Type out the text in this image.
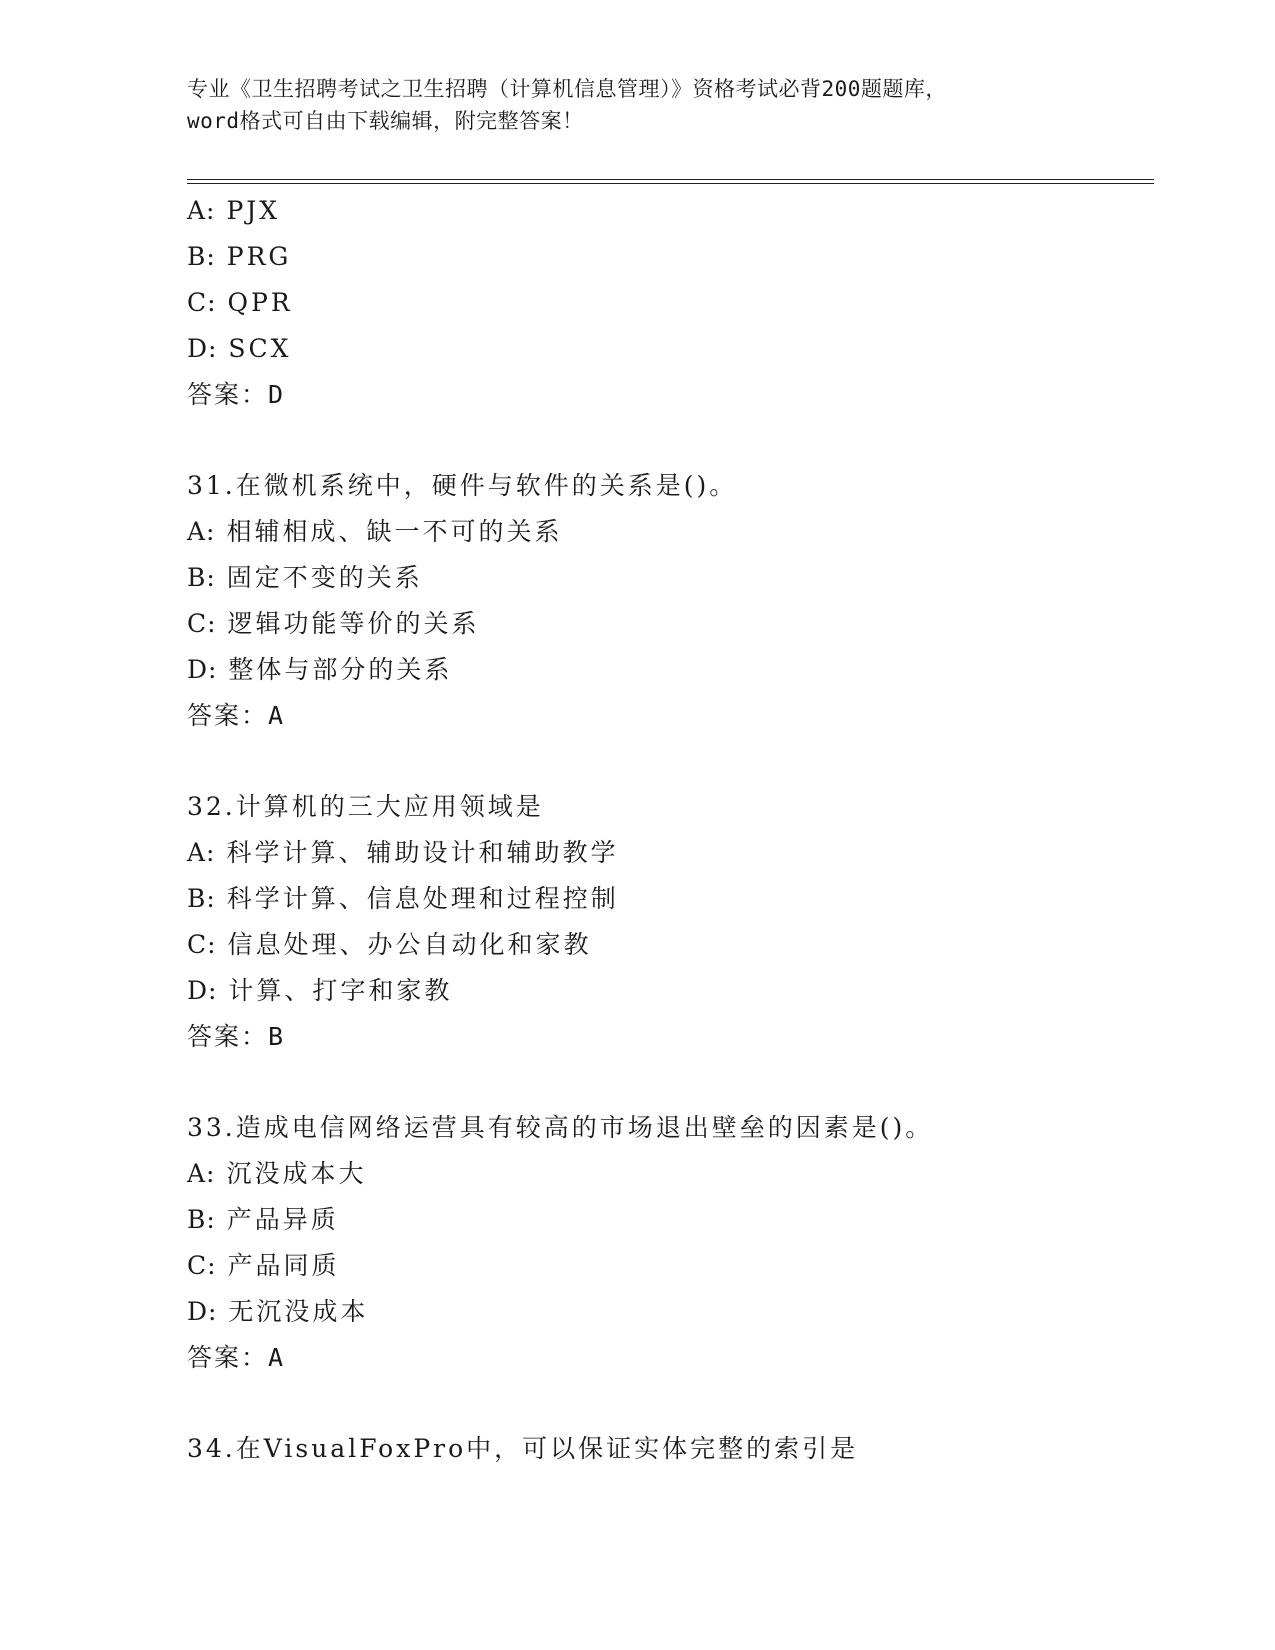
专业《卫生招聘考试之卫生招聘（计算机信息管理）》资格考试必背200题题库，

word格式可自由下载编辑，附完整答案！

A: PJX
B: PRG
C: QPR
D: SCX
答案：D
31.在微机系统中，硬件与软件的关系是()。
A: 相辅相成、缺一不可的关系
B: 固定不变的关系
C: 逻辑功能等价的关系
D: 整体与部分的关系
答案：A
32.计算机的三大应用领域是
A: 科学计算、辅助设计和辅助教学
B: 科学计算、信息处理和过程控制
C: 信息处理、办公自动化和家教
D: 计算、打字和家教
答案：B
33.造成电信网络运营具有较高的市场退出壁垒的因素是()。
A: 沉没成本大
B: 产品异质
C: 产品同质
D: 无沉没成本
答案：A
34.在VisualFoxPro中，可以保证实体完整的索引是
